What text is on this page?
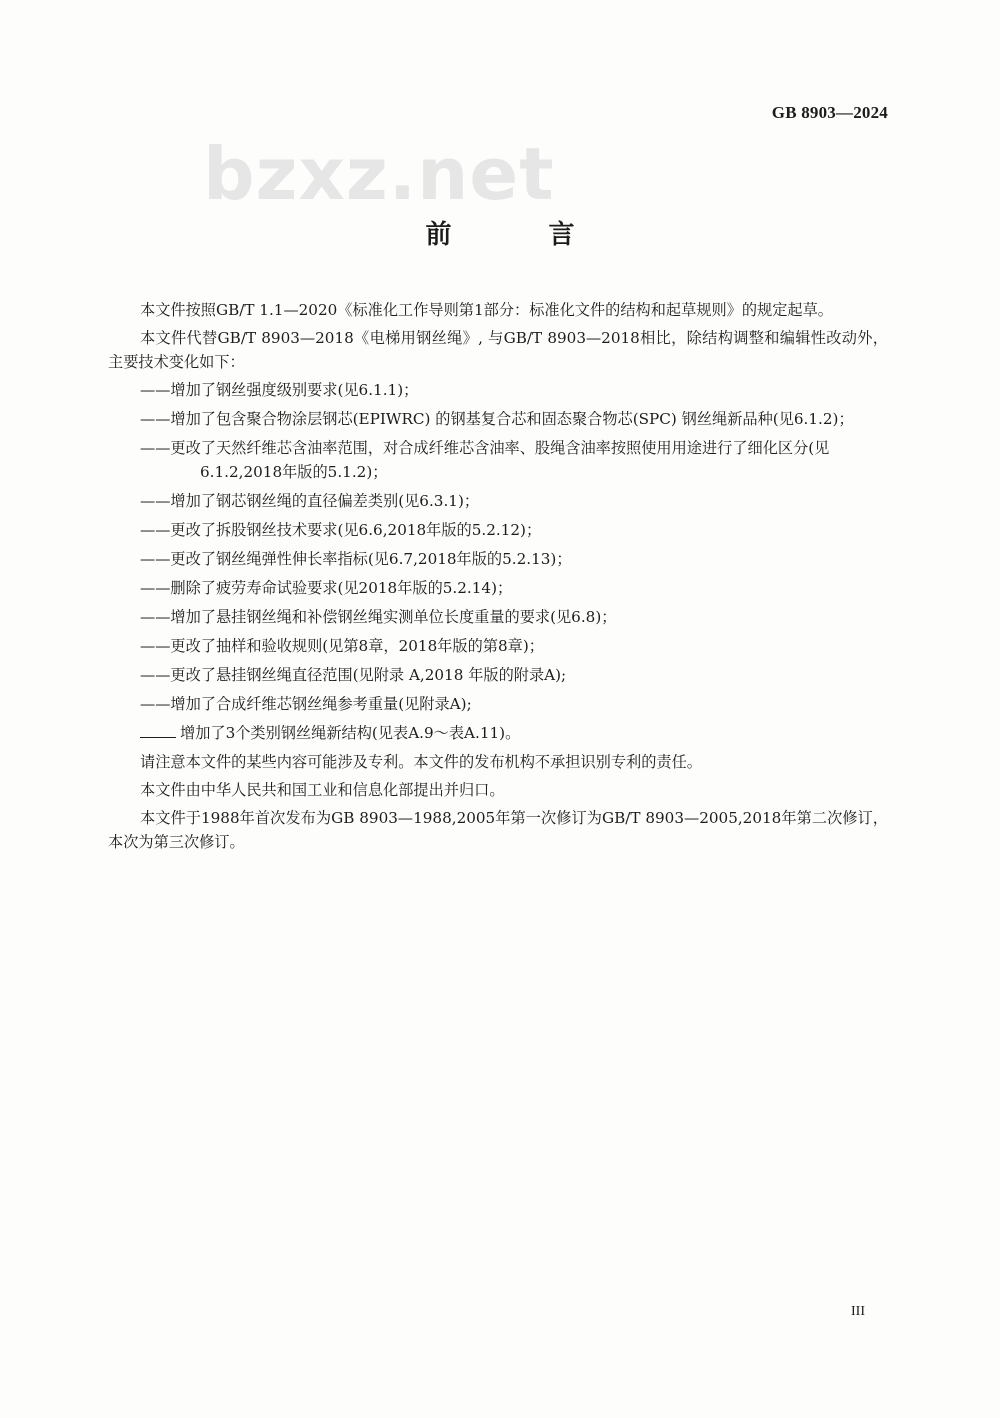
GB 8903—2024
bzxz.net
前 言

本文件按照GB/T 1.1—2020《标准化工作导则第1部分：标准化文件的结构和起草规则》的规定起草。

本文件代替GB/T 8903—2018《电梯用钢丝绳》, 与GB/T 8903—2018相比，除结构调整和编辑性改动外，主要技术变化如下：

——增加了钢丝强度级别要求(见6.1.1)；
——增加了包含聚合物涂层钢芯(EPIWRC) 的钢基复合芯和固态聚合物芯(SPC) 钢丝绳新品种(见6.1.2)；
——更改了天然纤维芯含油率范围，对合成纤维芯含油率、股绳含油率按照使用用途进行了细化区分(见6.1.2,2018年版的5.1.2)；
——增加了钢芯钢丝绳的直径偏差类别(见6.3.1)；
——更改了拆股钢丝技术要求(见6.6,2018年版的5.2.12)；
——更改了钢丝绳弹性伸长率指标(见6.7,2018年版的5.2.13)；
——删除了疲劳寿命试验要求(见2018年版的5.2.14)；
——增加了悬挂钢丝绳和补偿钢丝绳实测单位长度重量的要求(见6.8)；
——更改了抽样和验收规则(见第8章，2018年版的第8章)；
——更改了悬挂钢丝绳直径范围(见附录 A,2018 年版的附录A);
——增加了合成纤维芯钢丝绳参考重量(见附录A);
增加了3个类别钢丝绳新结构(见表A.9～表A.11)。

请注意本文件的某些内容可能涉及专利。本文件的发布机构不承担识别专利的责任。

本文件由中华人民共和国工业和信息化部提出并归口。

本文件于1988年首次发布为GB 8903—1988,2005年第一次修订为GB/T 8903—2005,2018年第二次修订，本次为第三次修订。

III
